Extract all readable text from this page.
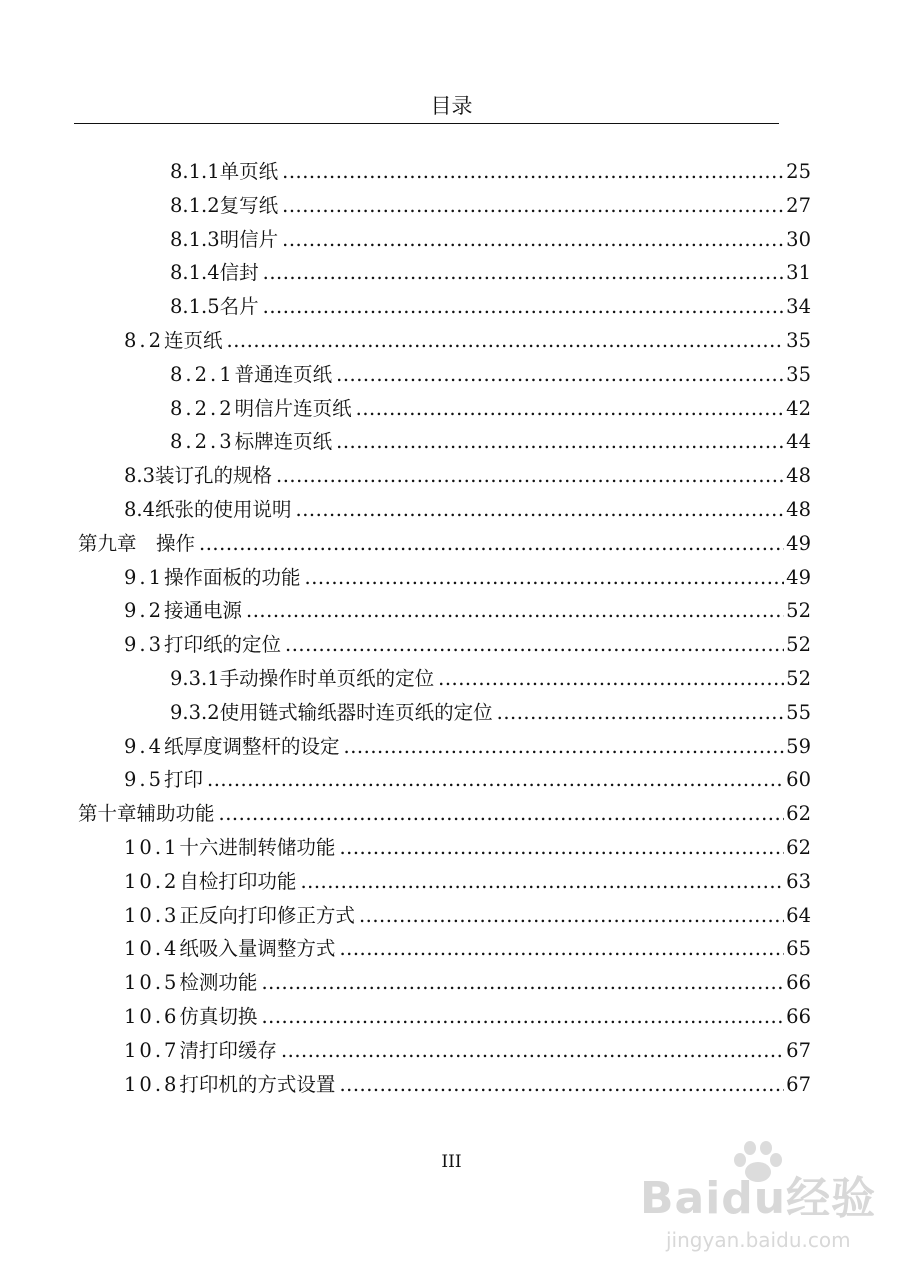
目录
8.1.1 单页纸 .....	25
8.1.2 复写纸 .....	27
8.1.3 明信片 .....	30
8.1.4 信封 .....	31
8.1.5 名片 .....	34
8.2 连页纸 .....	35
8.2.1 普通连页纸 .....	35
8.2.2 明信片连页纸 .....	42
8.2.3 标牌连页纸 .....	44
8.3 装订孔的规格 .....	48
8.4 纸张的使用说明 .....	48
第九章 　操作 .....	49
9.1 操作面板的功能 .....	49
9.2 接通电源 .....	52
9.3 打印纸的定位 .....	52
9.3.1 手动操作时单页纸的定位 .....	52
9.3.2 使用链式输纸器时连页纸的定位 .....	55
9.4 纸厚度调整杆的设定 .....	59
9.5 打印 .....	60
第十章 辅助功能 .....	62
10.1 十六进制转储功能 .....	62
10.2 自检打印功能 .....	63
10.3 正反向打印修正方式 .....	64
10.4 纸吸入量调整方式 .....	65
10.5 检测功能 .....	66
10.6 仿真切换 .....	66
10.7 清打印缓存 .....	67
10.8 打印机的方式设置 .....	67
III
Baidu经验
jingyan.baidu.com
